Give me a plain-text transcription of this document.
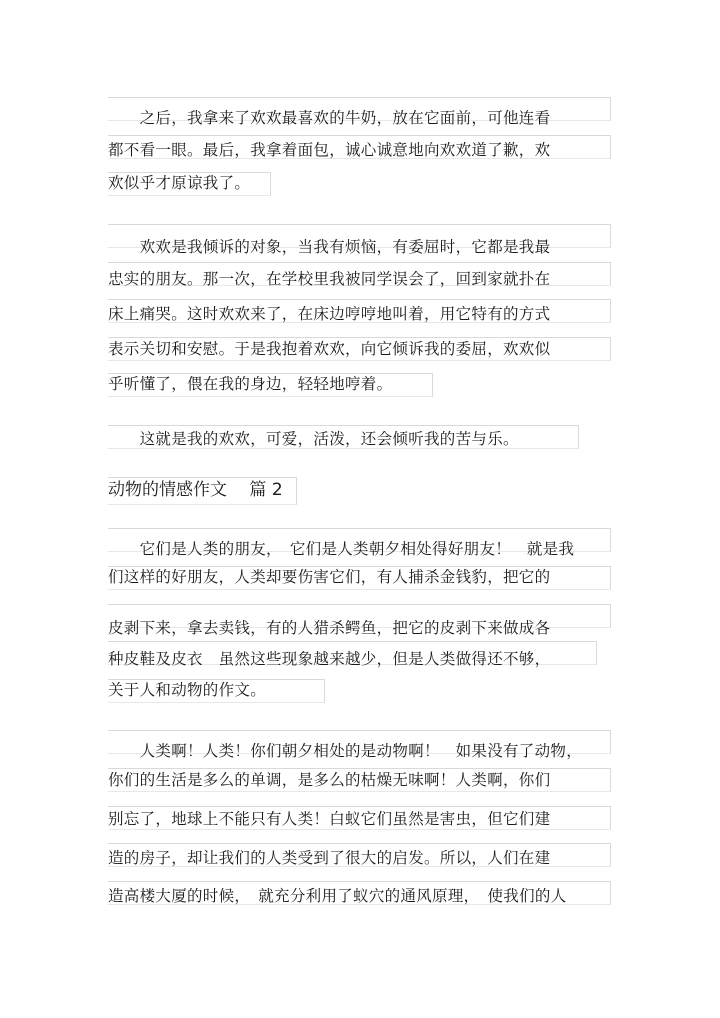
　　之后，我拿来了欢欢最喜欢的牛奶，放在它面前，可他连看
都不看一眼。最后，我拿着面包，诚心诚意地向欢欢道了歉，欢
欢似乎才原谅我了。
　　欢欢是我倾诉的对象，当我有烦恼，有委屈时，它都是我最
忠实的朋友。那一次，在学校里我被同学误会了，回到家就扑在
床上痛哭。这时欢欢来了，在床边哼哼地叫着，用它特有的方式
表示关切和安慰。于是我抱着欢欢，向它倾诉我的委屈，欢欢似
乎听懂了，偎在我的身边，轻轻地哼着。
　　这就是我的欢欢，可爱，活泼，还会倾听我的苦与乐。
动物的情感作文　 篇 2
　　它们是人类的朋友，　它们是人类朝夕相处得好朋友！　就是我
们这样的好朋友，人类却要伤害它们，有人捕杀金钱豹，把它的
皮剥下来，拿去卖钱，有的人猎杀鳄鱼，把它的皮剥下来做成各
种皮鞋及皮衣　虽然这些现象越来越少，但是人类做得还不够，
关于人和动物的作文。
　　人类啊！人类！你们朝夕相处的是动物啊！　如果没有了动物，
你们的生活是多么的单调，是多么的枯燥无味啊！人类啊，你们
别忘了，地球上不能只有人类！白蚁它们虽然是害虫，但它们建
造的房子，却让我们的人类受到了很大的启发。所以，人们在建
造高楼大厦的时候，　就充分利用了蚁穴的通风原理，　使我们的人
